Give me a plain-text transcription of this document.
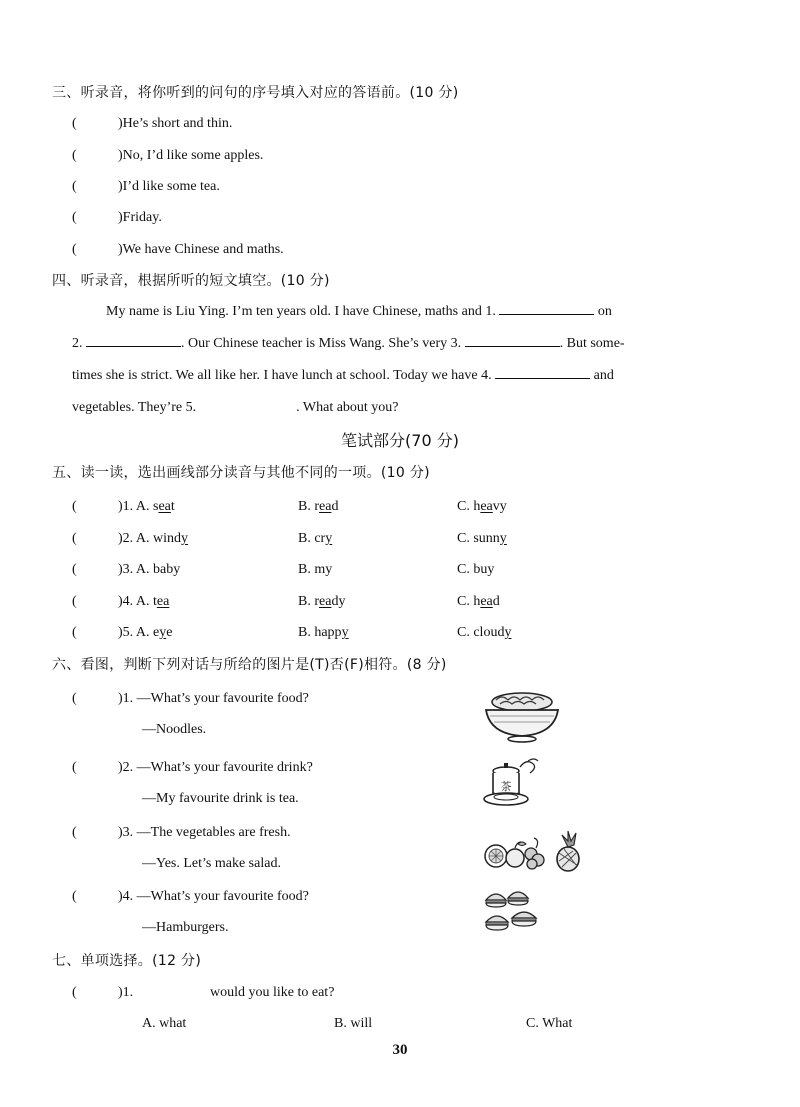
三、听录音，将你听到的问句的序号填入对应的答语前。(10 分)
(	)He’s short and thin.
(	)No, I’d like some apples.
(	)I’d like some tea.
(	)Friday.
(	)We have Chinese and maths.
四、听录音，根据所听的短文填空。(10 分)
My name is Liu Ying. I’m ten years old. I have Chinese, maths and 1.	on
2.	. Our Chinese teacher is Miss Wang. She’s very 3.	. But some-
times she is strict. We all like her. I have lunch at school. Today we have 4.	and
vegetables. They’re 5.	. What about you?
笔试部分(70 分)
五、读一读，选出画线部分读音与其他不同的一项。(10 分)
(	)1. A. seat	B. read	C. heavy
(	)2. A. windy	B. cry	C. sunny
(	)3. A. baby	B. my	C. buy
(	)4. A. tea	B. ready	C. head
(	)5. A. eye	B. happy	C. cloudy
六、看图，判断下列对话与所给的图片是(T)否(F)相符。(8 分)
(	)1. —What’s your favourite food?
—Noodles.
(	)2. —What’s your favourite drink?
—My favourite drink is tea.
(	)3. —The vegetables are fresh.
—Yes. Let’s make salad.
(	)4. —What’s your favourite food?
—Hamburgers.
茶
七、单项选择。(12 分)
(	)1.	would you like to eat?
A. what	B. will	C. What
30
